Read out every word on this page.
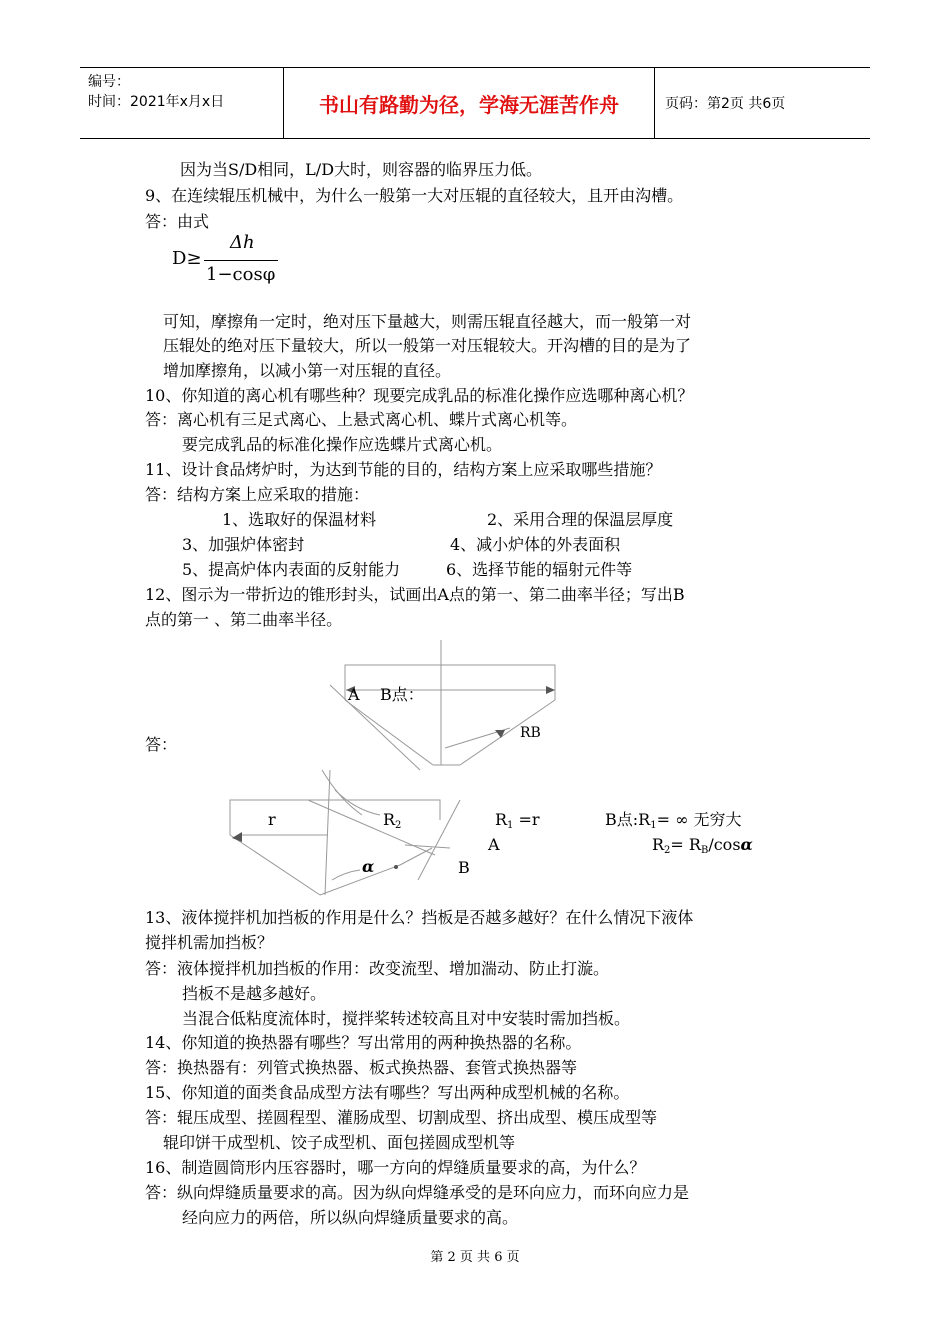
编号：
时间：2021年x月x日	书山有路勤为径，学海无涯苦作舟	页码：第2页 共6页
因为当S/D相同，L/D大时，则容器的临界压力低。
9、在连续辊压机械中，为什么一般第一大对压辊的直径较大，且开由沟槽。
答：由式
D≥
Δh
1−cosφ
可知，摩擦角一定时，绝对压下量越大，则需压辊直径越大，而一般第一对
压辊处的绝对压下量较大，所以一般第一对压辊较大。开沟槽的目的是为了
增加摩擦角，以减小第一对压辊的直径。
10、你知道的离心机有哪些种？现要完成乳品的标准化操作应选哪种离心机？
答：离心机有三足式离心、上悬式离心机、蝶片式离心机等。
要完成乳品的标准化操作应选蝶片式离心机。
11、设计食品烤炉时，为达到节能的目的，结构方案上应采取哪些措施？
答：结构方案上应采取的措施：
1、选取好的保温材料	2、采用合理的保温层厚度
3、加强炉体密封	4、减小炉体的外表面积
5、提高炉体内表面的反射能力	6、选择节能的辐射元件等
12、图示为一带折边的锥形封头，试画出A点的第一、第二曲率半径；写出B
点的第一 、第二曲率半径。
答：
A B点：
RB
r	R2	R1 =r
A
B点:R1= ∞ 无穷大
R2= RB/cosα
α	B
13、液体搅拌机加挡板的作用是什么？挡板是否越多越好？在什么情况下液体
搅拌机需加挡板？
答：液体搅拌机加挡板的作用：改变流型、增加湍动、防止打漩。
挡板不是越多越好。
当混合低粘度流体时，搅拌桨转述较高且对中安装时需加挡板。
14、你知道的换热器有哪些？写出常用的两种换热器的名称。
答：换热器有：列管式换热器、板式换热器、套管式换热器等
15、你知道的面类食品成型方法有哪些？写出两种成型机械的名称。
答：辊压成型、搓圆程型、灌肠成型、切割成型、挤出成型、模压成型等
辊印饼干成型机、饺子成型机、面包搓圆成型机等
16、制造圆筒形内压容器时，哪一方向的焊缝质量要求的高，为什么？
答：纵向焊缝质量要求的高。因为纵向焊缝承受的是环向应力，而环向应力是
经向应力的两倍，所以纵向焊缝质量要求的高。
第 2 页 共 6 页
